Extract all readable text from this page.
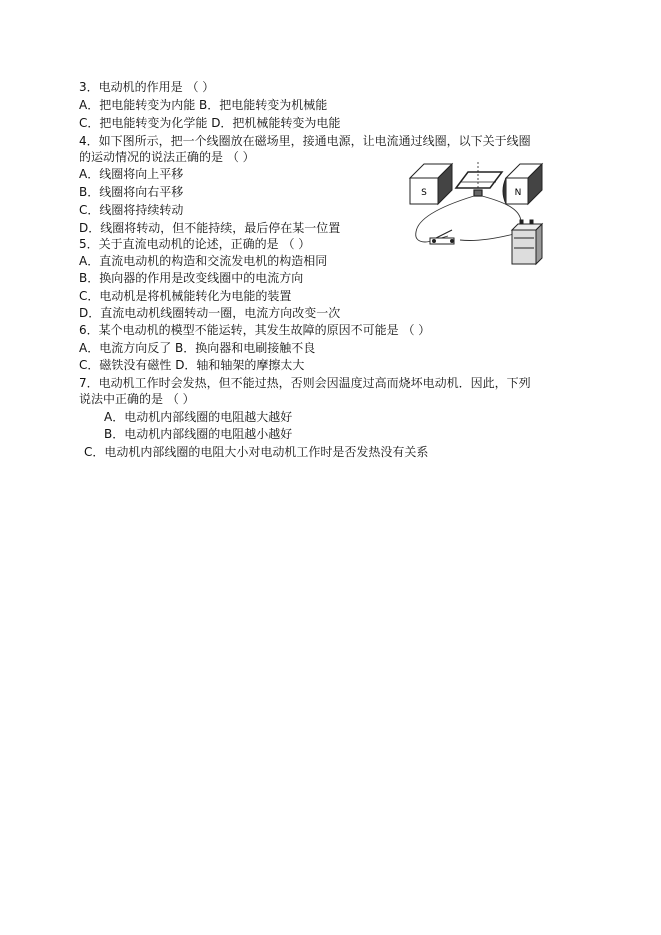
3．电动机的作用是 （ ）
A．把电能转变为内能 B．把电能转变为机械能
C．把电能转变为化学能 D．把机械能转变为电能
4．如下图所示，把一个线圈放在磁场里，接通电源，让电流通过线圈，以下关于线圈
的运动情况的说法正确的是 （ ）
A．线圈将向上平移
B．线圈将向右平移
C．线圈将持续转动
D．线圈将转动，但不能持续，最后停在某一位置
S	N
5．关于直流电动机的论述，正确的是 （ ）
A．直流电动机的构造和交流发电机的构造相同
B．换向器的作用是改变线圈中的电流方向
C．电动机是将机械能转化为电能的装置
D．直流电动机线圈转动一圈，电流方向改变一次
6．某个电动机的模型不能运转，其发生故障的原因不可能是 （ ）
A．电流方向反了 B．换向器和电刷接触不良
C．磁铁没有磁性 D．轴和轴架的摩擦太大
7．电动机工作时会发热，但不能过热，否则会因温度过高而烧坏电动机．因此，下列
说法中正确的是 （ ）
A．电动机内部线圈的电阻越大越好
B．电动机内部线圈的电阻越小越好
C．电动机内部线圈的电阻大小对电动机工作时是否发热没有关系
